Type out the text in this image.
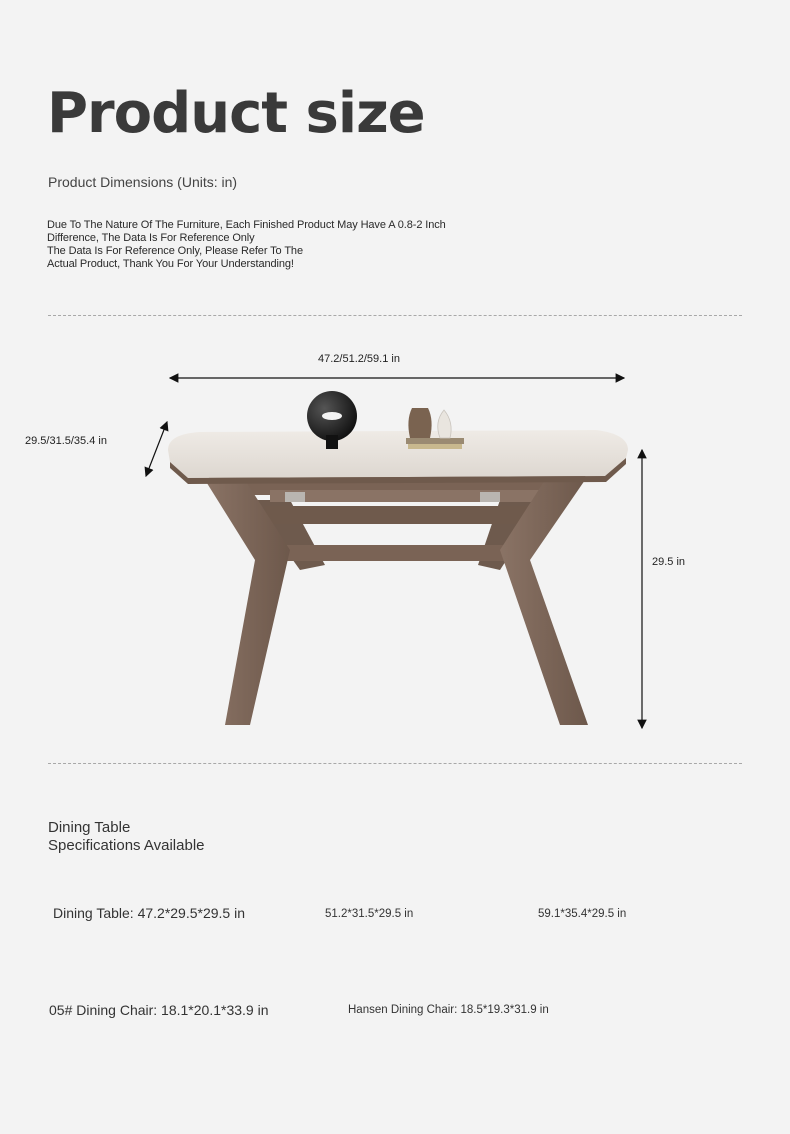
Product size
Product Dimensions (Units: in)
Due To The Nature Of The Furniture, Each Finished Product May Have A 0.8-2 Inch
Difference, The Data Is For Reference Only
The Data Is For Reference Only, Please Refer To The
Actual Product, Thank You For Your Understanding!
47.2/51.2/59.1 in
29.5/31.5/35.4 in
29.5 in
Dining Table
Specifications Available
Dining Table: 47.2*29.5*29.5 in	51.2*31.5*29.5 in	59.1*35.4*29.5 in
05# Dining Chair: 18.1*20.1*33.9 in	Hansen Dining Chair: 18.5*19.3*31.9 in
